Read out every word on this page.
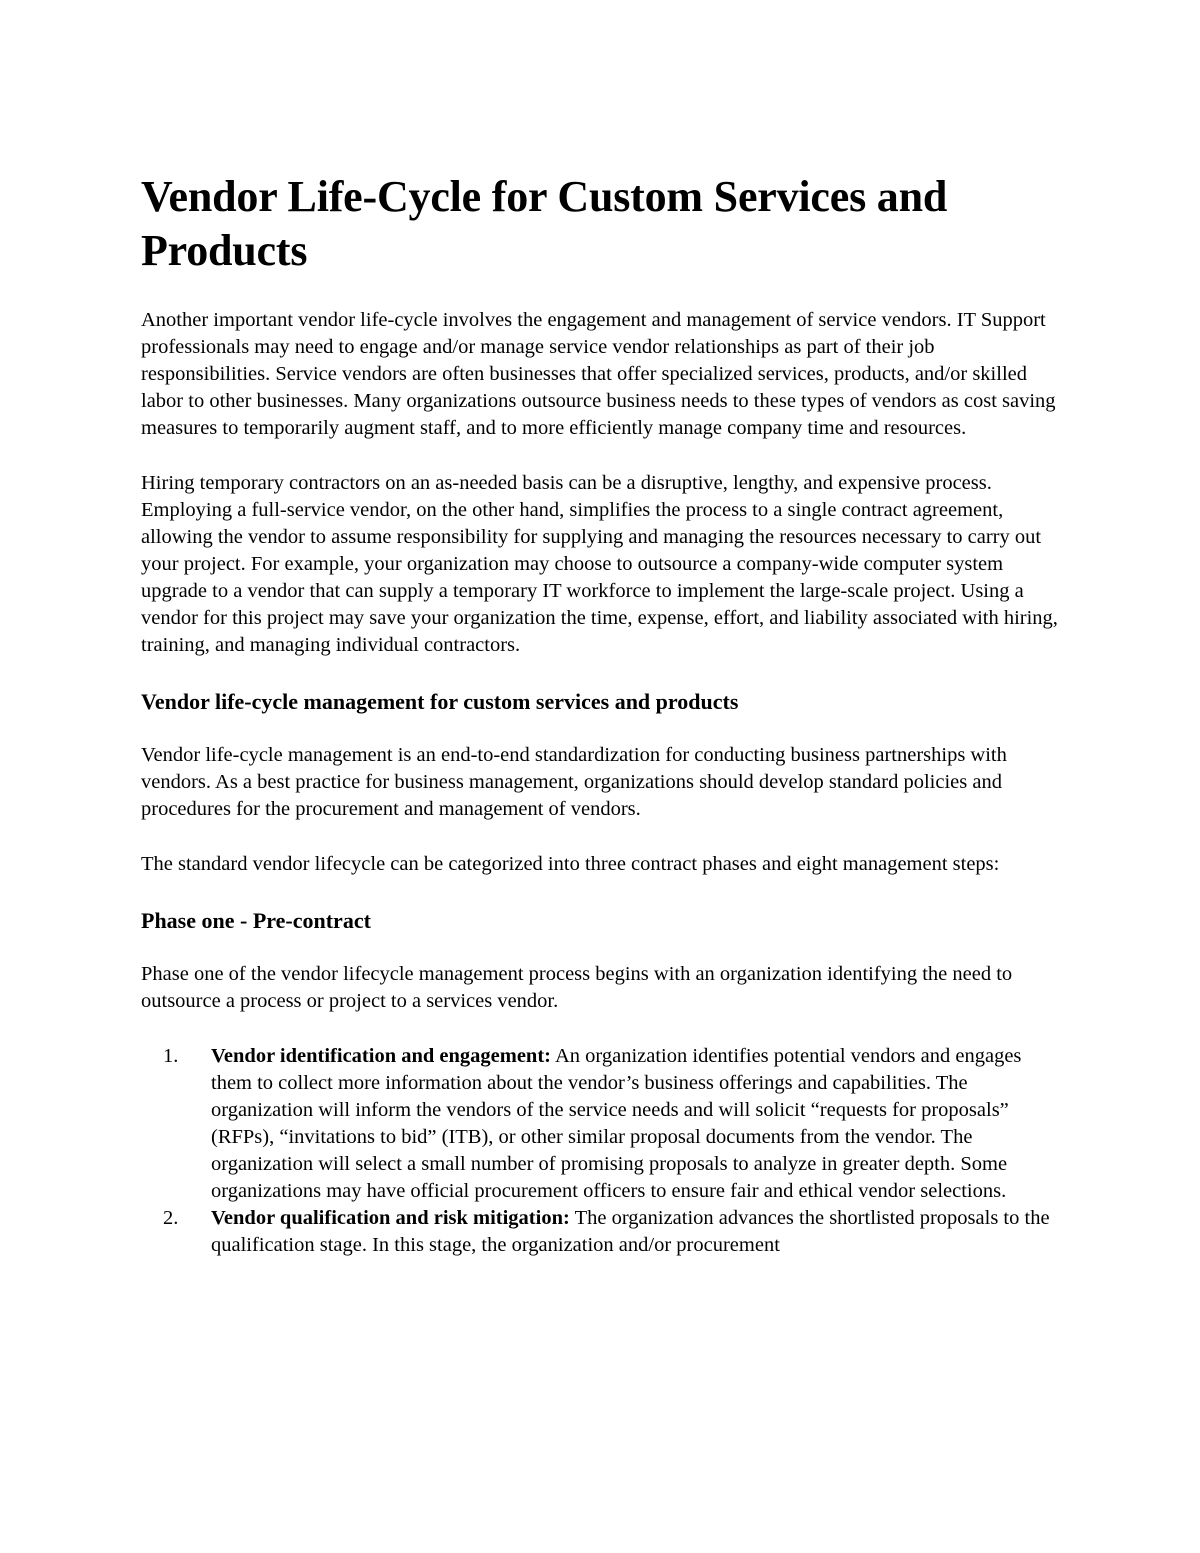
Vendor Life-Cycle for Custom Services and Products

Another important vendor life-cycle involves the engagement and management of service vendors. IT Support professionals may need to engage and/or manage service vendor relationships as part of their job responsibilities. Service vendors are often businesses that offer specialized services, products, and/or skilled labor to other businesses. Many organizations outsource business needs to these types of vendors as cost saving measures to temporarily augment staff, and to more efficiently manage company time and resources.

Hiring temporary contractors on an as-needed basis can be a disruptive, lengthy, and expensive process. Employing a full-service vendor, on the other hand, simplifies the process to a single contract agreement, allowing the vendor to assume responsibility for supplying and managing the resources necessary to carry out your project. For example, your organization may choose to outsource a company-wide computer system upgrade to a vendor that can supply a temporary IT workforce to implement the large-scale project. Using a vendor for this project may save your organization the time, expense, effort, and liability associated with hiring, training, and managing individual contractors.

Vendor life-cycle management for custom services and products

Vendor life-cycle management is an end-to-end standardization for conducting business partnerships with vendors. As a best practice for business management, organizations should develop standard policies and procedures for the procurement and management of vendors.

The standard vendor lifecycle can be categorized into three contract phases and eight management steps:

Phase one - Pre-contract

Phase one of the vendor lifecycle management process begins with an organization identifying the need to outsource a process or project to a services vendor.

1. Vendor identification and engagement: An organization identifies potential vendors and engages them to collect more information about the vendor’s business offerings and capabilities. The organization will inform the vendors of the service needs and will solicit “requests for proposals” (RFPs), “invitations to bid” (ITB), or other similar proposal documents from the vendor. The organization will select a small number of promising proposals to analyze in greater depth. Some organizations may have official procurement officers to ensure fair and ethical vendor selections.
2. Vendor qualification and risk mitigation: The organization advances the shortlisted proposals to the qualification stage. In this stage, the organization and/or procurement
